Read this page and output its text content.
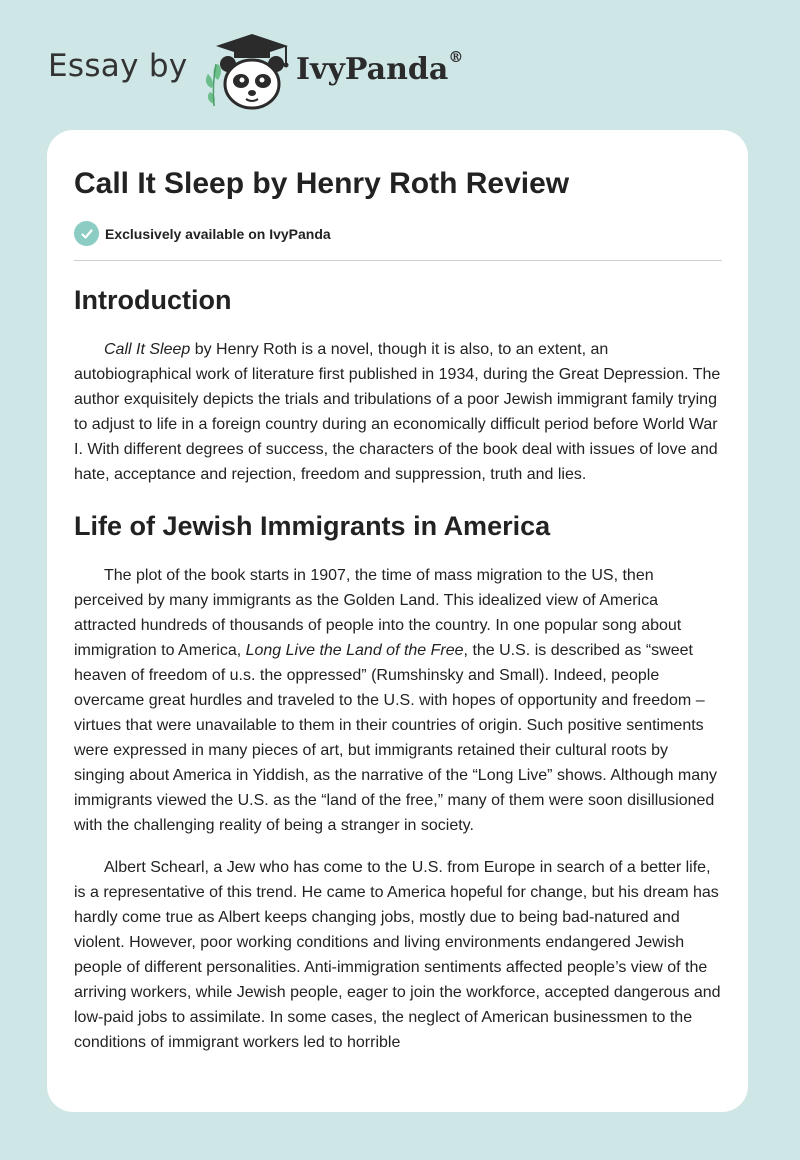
Essay by	IvyPanda®
Call It Sleep by Henry Roth Review
Exclusively available on IvyPanda
Introduction

Call It Sleep by Henry Roth is a novel, though it is also, to an extent, an autobiographical work of literature first published in 1934, during the Great Depression. The author exquisitely depicts the trials and tribulations of a poor Jewish immigrant family trying to adjust to life in a foreign country during an economically difficult period before World War I. With different degrees of success, the characters of the book deal with issues of love and hate, acceptance and rejection, freedom and suppression, truth and lies.

Life of Jewish Immigrants in America

The plot of the book starts in 1907, the time of mass migration to the US, then perceived by many immigrants as the Golden Land. This idealized view of America attracted hundreds of thousands of people into the country. In one popular song about immigration to America, Long Live the Land of the Free, the U.S. is described as “sweet heaven of freedom of u.s. the oppressed” (Rumshinsky and Small). Indeed, people overcame great hurdles and traveled to the U.S. with hopes of opportunity and freedom – virtues that were unavailable to them in their countries of origin. Such positive sentiments were expressed in many pieces of art, but immigrants retained their cultural roots by singing about America in Yiddish, as the narrative of the “Long Live” shows. Although many immigrants viewed the U.S. as the “land of the free,” many of them were soon disillusioned with the challenging reality of being a stranger in society.

Albert Schearl, a Jew who has come to the U.S. from Europe in search of a better life, is a representative of this trend. He came to America hopeful for change, but his dream has hardly come true as Albert keeps changing jobs, mostly due to being bad-natured and violent. However, poor working conditions and living environments endangered Jewish people of different personalities. Anti-immigration sentiments affected people’s view of the arriving workers, while Jewish people, eager to join the workforce, accepted dangerous and low-paid jobs to assimilate. In some cases, the neglect of American businessmen to the conditions of immigrant workers led to horrible
